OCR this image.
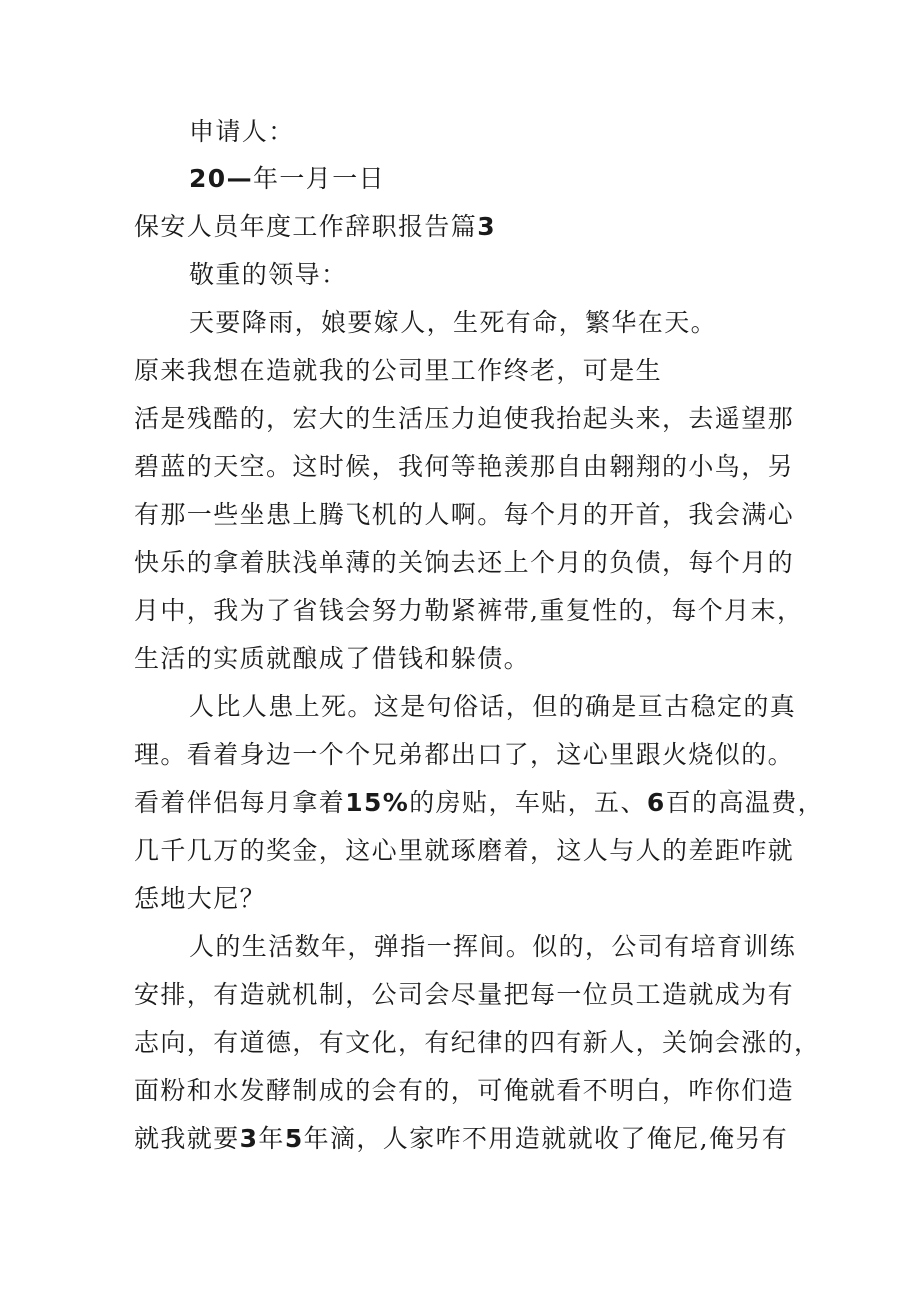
申请人：
20—年一月一日
保安人员年度工作辞职报告篇3
敬重的领导：
天要降雨，娘要嫁人，生死有命，繁华在天。
原来我想在造就我的公司里工作终老，可是生
活是残酷的，宏大的生活压力迫使我抬起头来，去遥望那
碧蓝的天空。这时候，我何等艳羡那自由翱翔的小鸟，另
有那一些坐患上腾飞机的人啊。每个月的开首，我会满心
快乐的拿着肤浅单薄的关饷去还上个月的负债，每个月的
月中，我为了省钱会努力勒紧裤带,重复性的，每个月末，
生活的实质就酿成了借钱和躲债。
人比人患上死。这是句俗话，但的确是亘古稳定的真
理。看着身边一个个兄弟都出口了，这心里跟火烧似的。
看着伴侣每月拿着15%的房贴，车贴，五、6百的高温费，
几千几万的奖金，这心里就琢磨着，这人与人的差距咋就
恁地大尼？
人的生活数年，弹指一挥间。似的，公司有培育训练
安排，有造就机制，公司会尽量把每一位员工造就成为有
志向，有道德，有文化，有纪律的四有新人，关饷会涨的，
面粉和水发酵制成的会有的，可俺就看不明白，咋你们造
就我就要3年5年滴，人家咋不用造就就收了俺尼,俺另有
